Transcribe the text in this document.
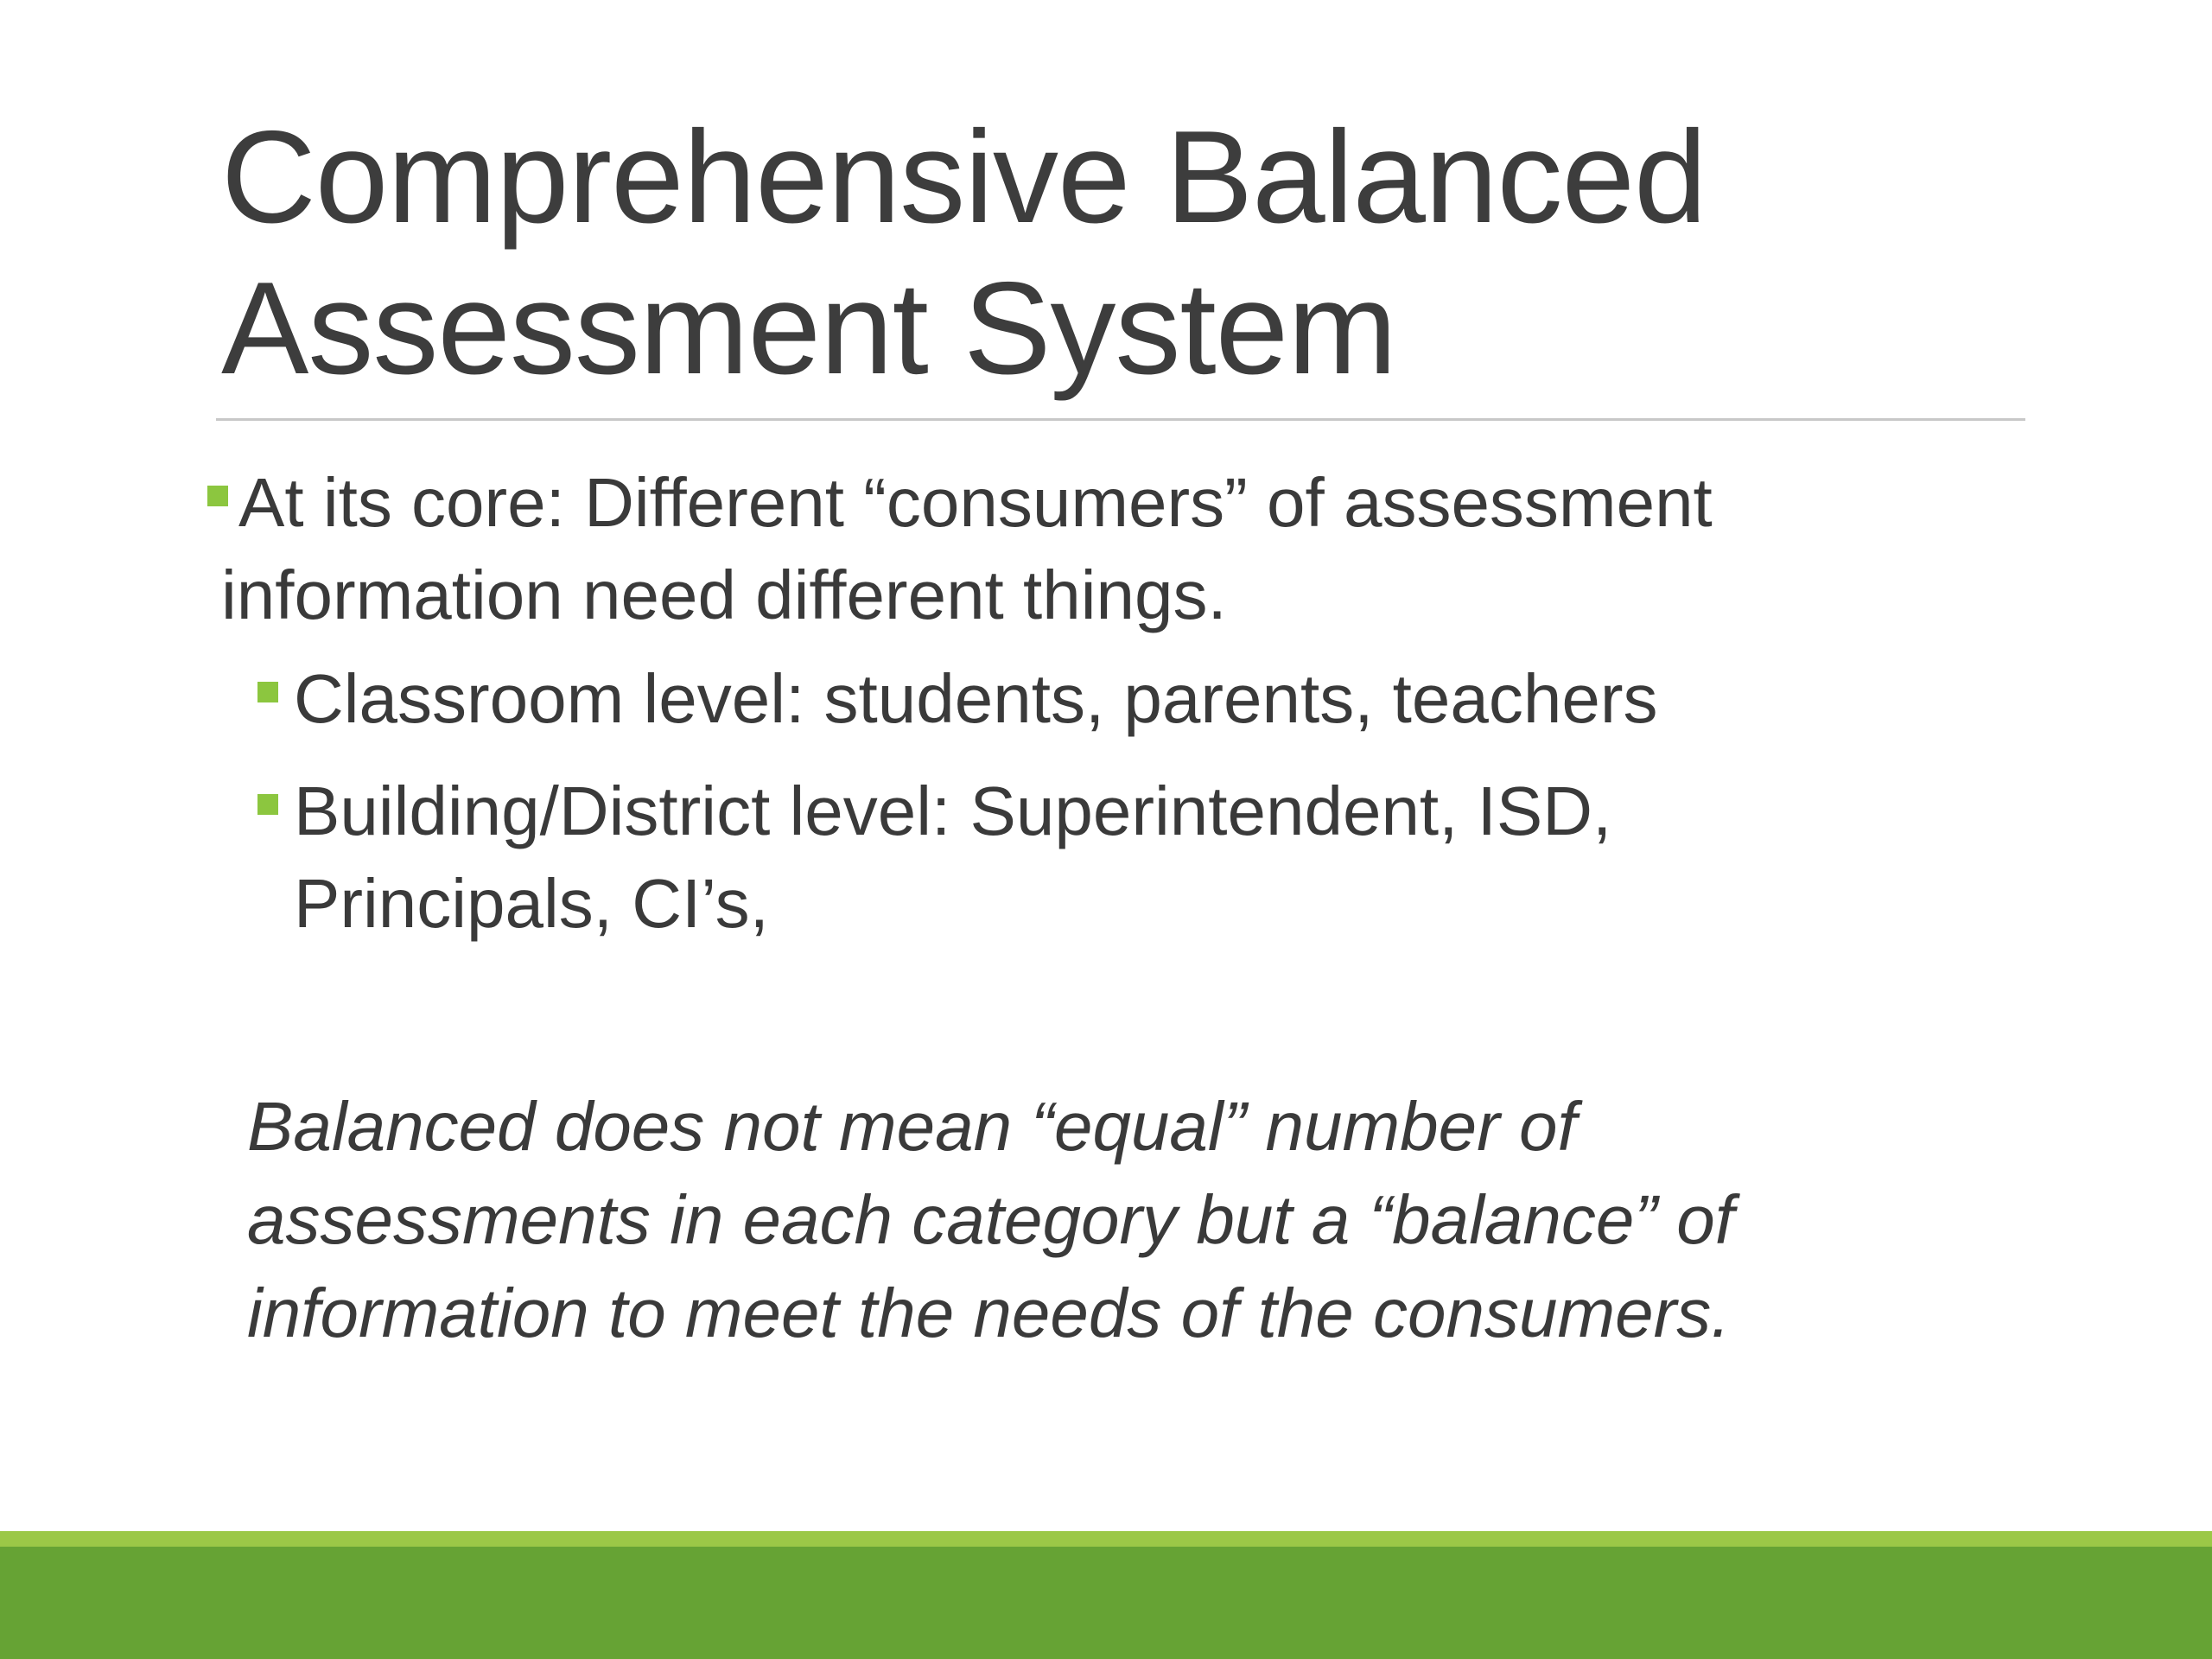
Comprehensive Balanced
Assessment System
At its core: Different “consumers” of assessment
information need different things.
Classroom level: students, parents, teachers
Building/District level: Superintendent, ISD,
Principals, CI’s,
Balanced does not mean “equal” number of
assessments in each category but a “balance” of
information to meet the needs of the consumers.
